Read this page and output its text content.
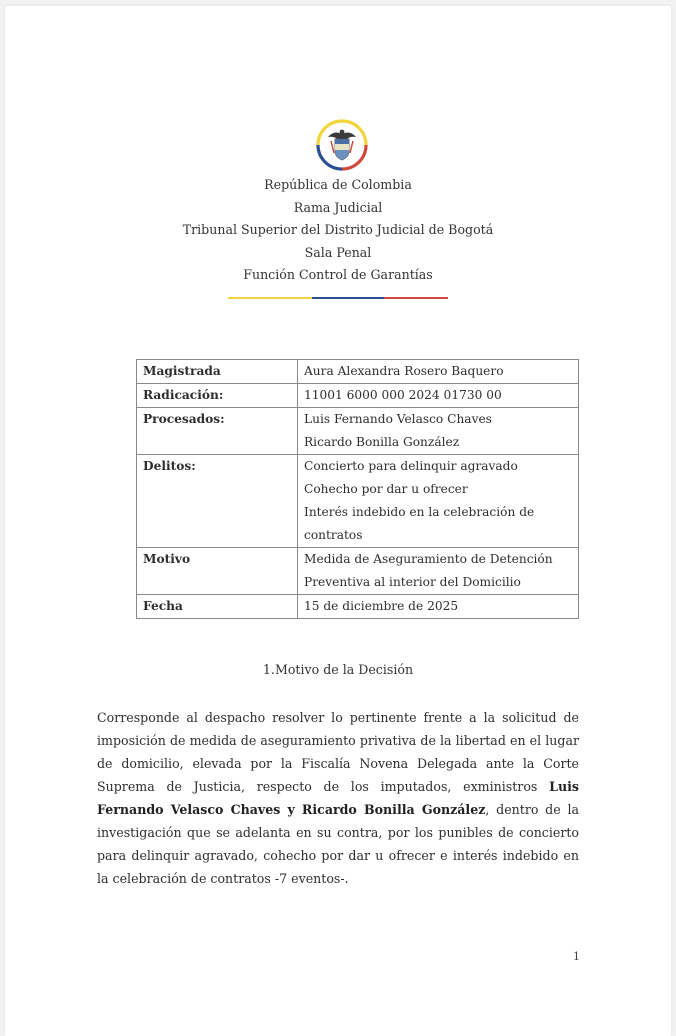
República de Colombia
Rama Judicial
Tribunal Superior del Distrito Judicial de Bogotá
Sala Penal
Función Control de Garantías
Magistrada	Aura Alexandra Rosero Baquero

Radicación:	11001 6000 000 2024 01730 00

Procesados:	Luis Fernando Velasco Chaves
Ricardo Bonilla González

Delitos:	Concierto para delinquir agravado
Cohecho por dar u ofrecer
Interés indebido en la celebración de
contratos

Motivo	Medida de Aseguramiento de Detención
Preventiva al interior del Domicilio

Fecha	15 de diciembre de 2025
1.Motivo de la Decisión

Corresponde al despacho resolver lo pertinente frente a la solicitud de imposición de medida de aseguramiento privativa de la libertad en el lugar de domicilio, elevada por la Fiscalía Novena Delegada ante la Corte Suprema de Justicia, respecto de los imputados, exministros Luis Fernando Velasco Chaves y Ricardo Bonilla González, dentro de la investigación que se adelanta en su contra, por los punibles de concierto para delinquir agravado, cohecho por dar u ofrecer e interés indebido en la celebración de contratos -7 eventos-.

1
